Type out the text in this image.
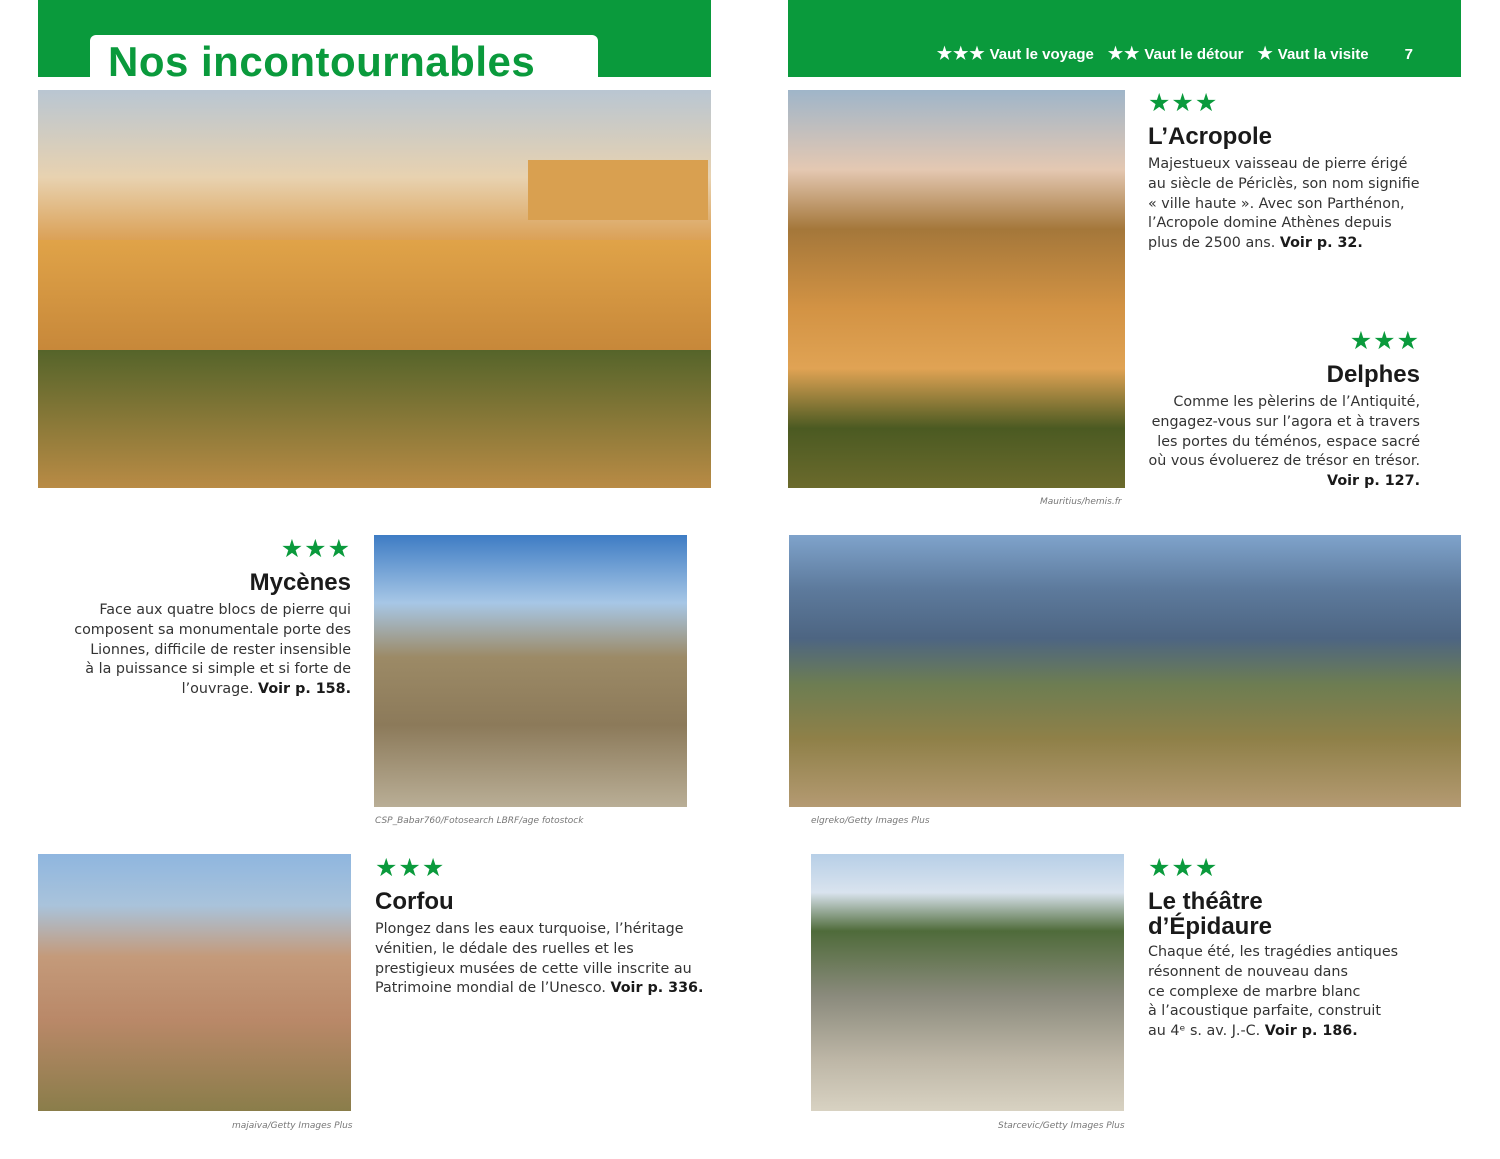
Nos incontournables	★★★ Vaut le voyage ★★ Vaut le détour ★ Vaut la visite 7
★★★
L’Acropole
Majestueux vaisseau de pierre érigé
au siècle de Périclès, son nom signifie
« ville haute ». Avec son Parthénon,
l’Acropole domine Athènes depuis
plus de 2500 ans. Voir p. 32.
★★★
Delphes
Comme les pèlerins de l’Antiquité,
engagez-vous sur l’agora et à travers
les portes du téménos, espace sacré
où vous évoluerez de trésor en trésor.
Voir p. 127.
Mauritius/hemis.fr
★★★
Mycènes
Face aux quatre blocs de pierre qui
composent sa monumentale porte des
Lionnes, difficile de rester insensible
à la puissance si simple et si forte de
l’ouvrage. Voir p. 158.
CSP_Babar760/Fotosearch LBRF/age fotostock	elgreko/Getty Images Plus
★★★
Corfou
Plongez dans les eaux turquoise, l’héritage
vénitien, le dédale des ruelles et les
prestigieux musées de cette ville inscrite au
Patrimoine mondial de l’Unesco. Voir p. 336.
★★★
Le théâtre
d’Épidaure
Chaque été, les tragédies antiques
résonnent de nouveau dans
ce complexe de marbre blanc
à l’acoustique parfaite, construit
au 4ᵉ s. av. J.-C. Voir p. 186.
majaiva/Getty Images Plus	Starcevic/Getty Images Plus
